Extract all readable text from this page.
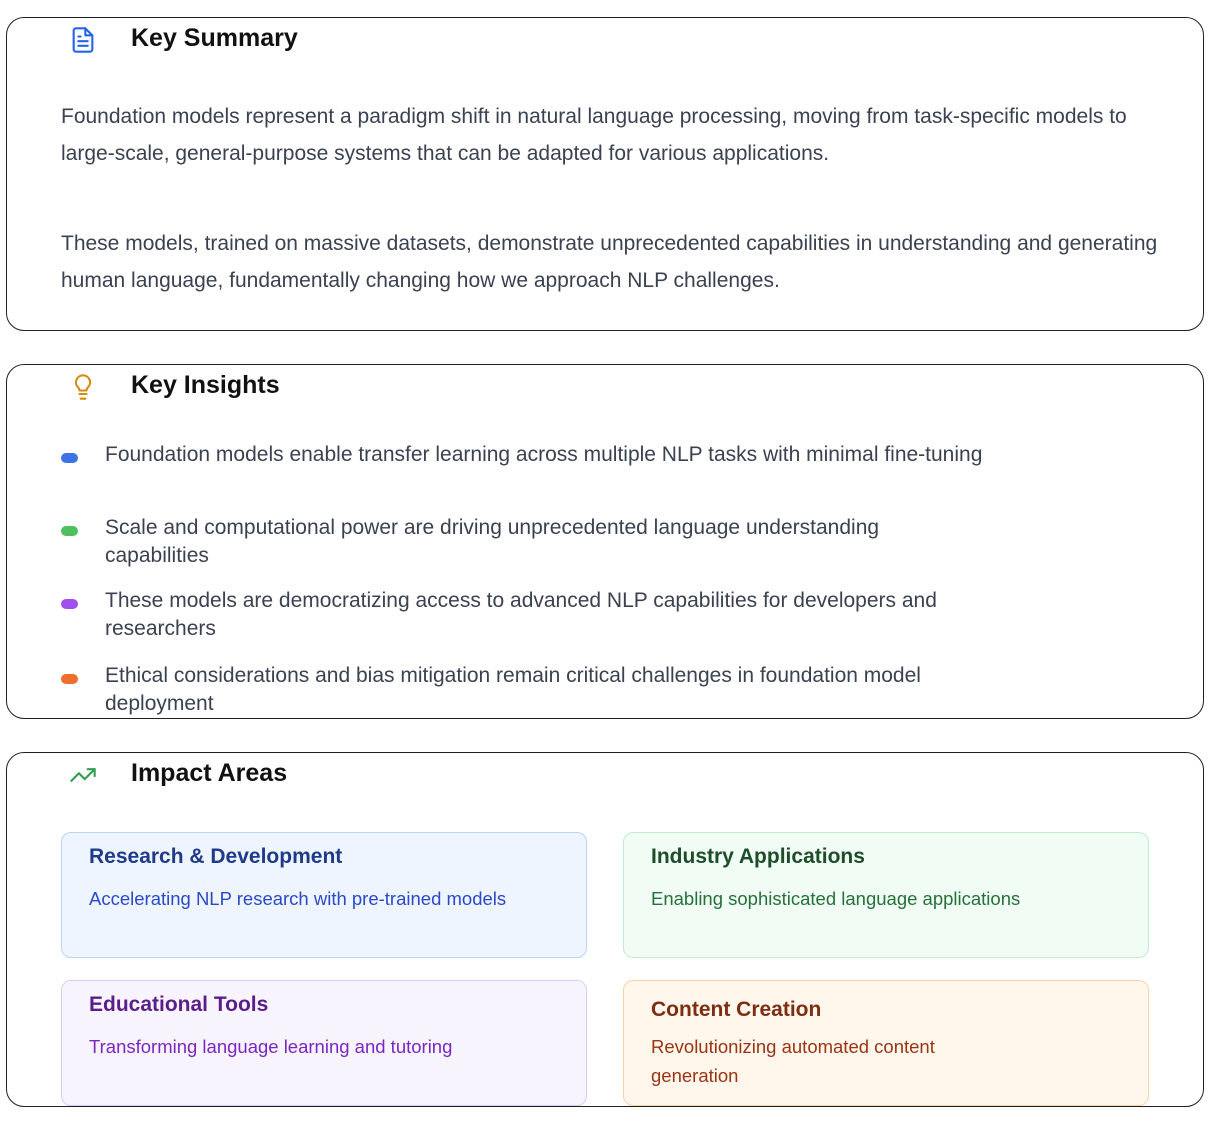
Key Summary
Foundation models represent a paradigm shift in natural language processing, moving from task-specific models to large-scale, general-purpose systems that can be adapted for various applications.
These models, trained on massive datasets, demonstrate unprecedented capabilities in understanding and generating human language, fundamentally changing how we approach NLP challenges.
Key Insights
Foundation models enable transfer learning across multiple NLP tasks with minimal fine-tuning
Scale and computational power are driving unprecedented language understanding capabilities
These models are democratizing access to advanced NLP capabilities for developers and researchers
Ethical considerations and bias mitigation remain critical challenges in foundation model deployment
Impact Areas
Research & Development
Accelerating NLP research with pre-trained models
Industry Applications
Enabling sophisticated language applications
Educational Tools
Transforming language learning and tutoring
Content Creation
Revolutionizing automated content generation
